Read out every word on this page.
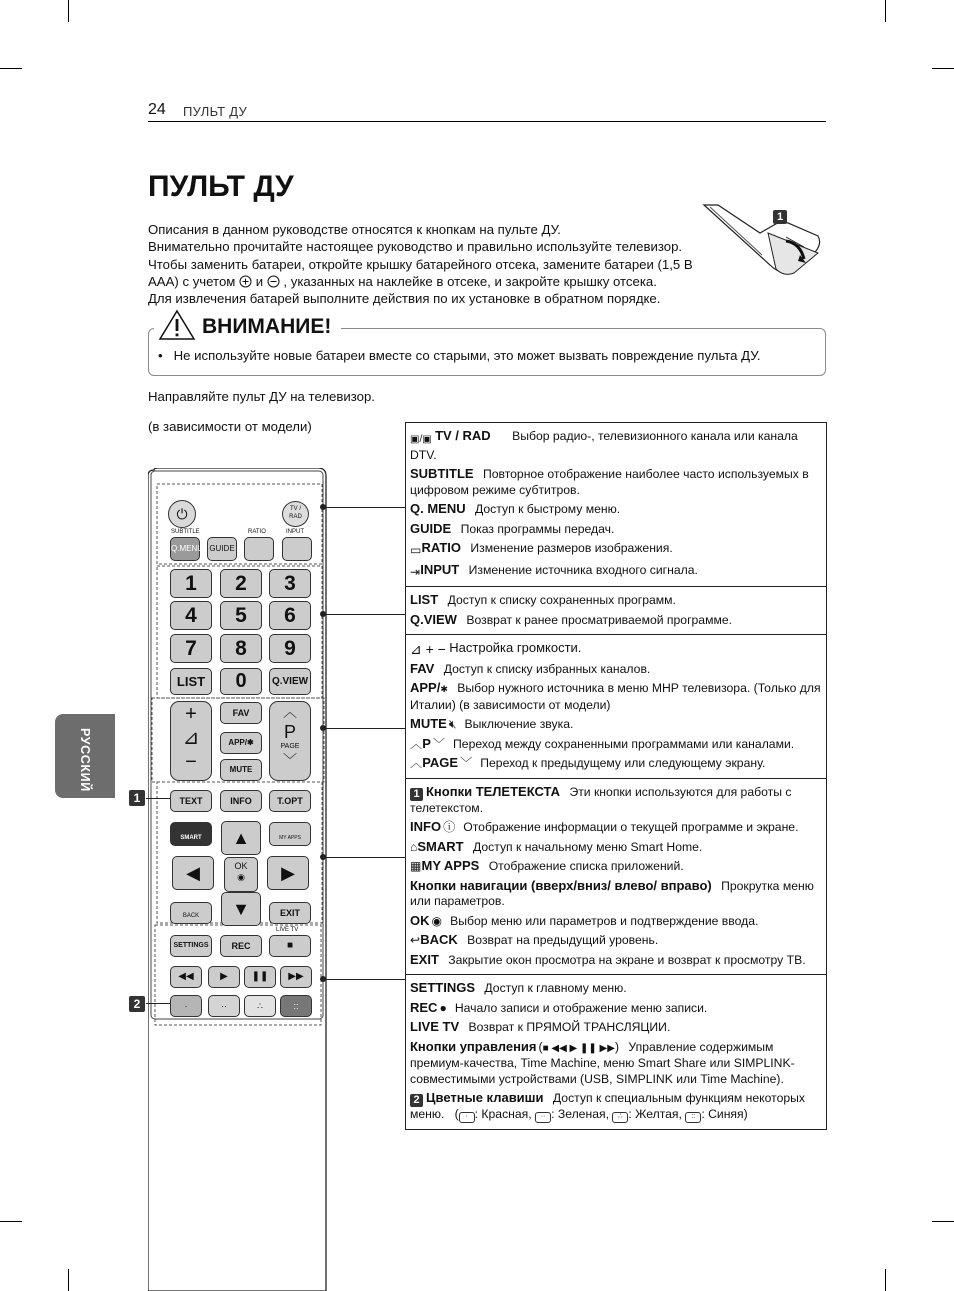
24 ПУЛЬТ ДУ
ПУЛЬТ ДУ
Описания в данном руководстве относятся к кнопкам на пульте ДУ.
Внимательно прочитайте настоящее руководство и правильно используйте телевизор.
Чтобы заменить батареи, откройте крышку батарейного отсека, замените батареи (1,5 В
AAA) с учетом и , указанных на наклейке в отсеке, и закройте крышку отсека.
Для извлечения батарей выполните действия по их установке в обратном порядке.
1
ВНИМАНИЕ!
• Не используйте новые батареи вместе со старыми, это может вызвать повреждение пульта ДУ.
Направляйте пульт ДУ на телевизор.
(в зависимости от модели)
РУССКИЙ
⏻	TV / RAD
SUBTITLE	RATIO	INPUT
Q.MENU GUIDE
1	2	3
4	5	6
7	8	9
LIST	0	Q.VIEW
+
⊿
−
FAV
APP/✱
MUTE
︿
P
PAGE
﹀
TEXT	INFO	T.OPT
SMART	MY APPS
▲
◀	OK
◉	▶
▼
BACK	EXIT
SETTINGS	REC
LIVE TV
■
◀◀	▶	❚❚	▶▶
·	··	∴	::
1
2
▣/▣ TV / RAD Выбор радио-, телевизионного канала или канала DTV.
SUBTITLE Повторное отображение наиболее часто используемых в цифровом режиме субтитров.
Q. MENU Доступ к быстрому меню.
GUIDE Показ программы передач.
▭RATIO Изменение размеров изображения.
⇥INPUT Изменение источника входного сигнала.
LIST Доступ к списку сохраненных программ.
Q.VIEW Возврат к ранее просматриваемой программе.
⊿ + − Настройка громкости.
FAV Доступ к списку избранных каналов.
APP/✱ Выбор нужного источника в меню MHP телевизора. (Только для Италии) (в зависимости от модели)
MUTE 🔇︎ Выключение звука.
︿P ﹀ Переход между сохраненными программами или каналами.
︿PAGE ﹀ Переход к предыдущему или следующему экрану.
1 Кнопки ТЕЛЕТЕКСТА Эти кнопки используются для работы с телетекстом.
INFO ⓘ Отображение информации о текущей программе и экране.
⌂SMART Доступ к начальному меню Smart Home.
▦MY APPS Отображение списка приложений.
Кнопки навигации (вверх/вниз/ влево/ вправо) Прокрутка меню или параметров.
OK ◉ Выбор меню или параметров и подтверждение ввода.
↩BACK Возврат на предыдущий уровень.
EXIT Закрытие окон просмотра на экране и возврат к просмотру ТВ.
SETTINGS Доступ к главному меню.
REC ● Начало записи и отображение меню записи.
LIVE TV Возврат к ПРЯМОЙ ТРАНСЛЯЦИИ.
Кнопки управления (■ ◀◀ ▶ ❚❚ ▶▶) Управление содержимым премиум-качества, Time Machine, меню Smart Share или SIMPLINK- совместимыми устройствами (USB, SIMPLINK или Time Machine).
2 Цветные клавиши Доступ к специальным функциям некоторых меню.   ( · : Красная, ·· : Зеленая, ∴ : Желтая, :: : Синяя)
